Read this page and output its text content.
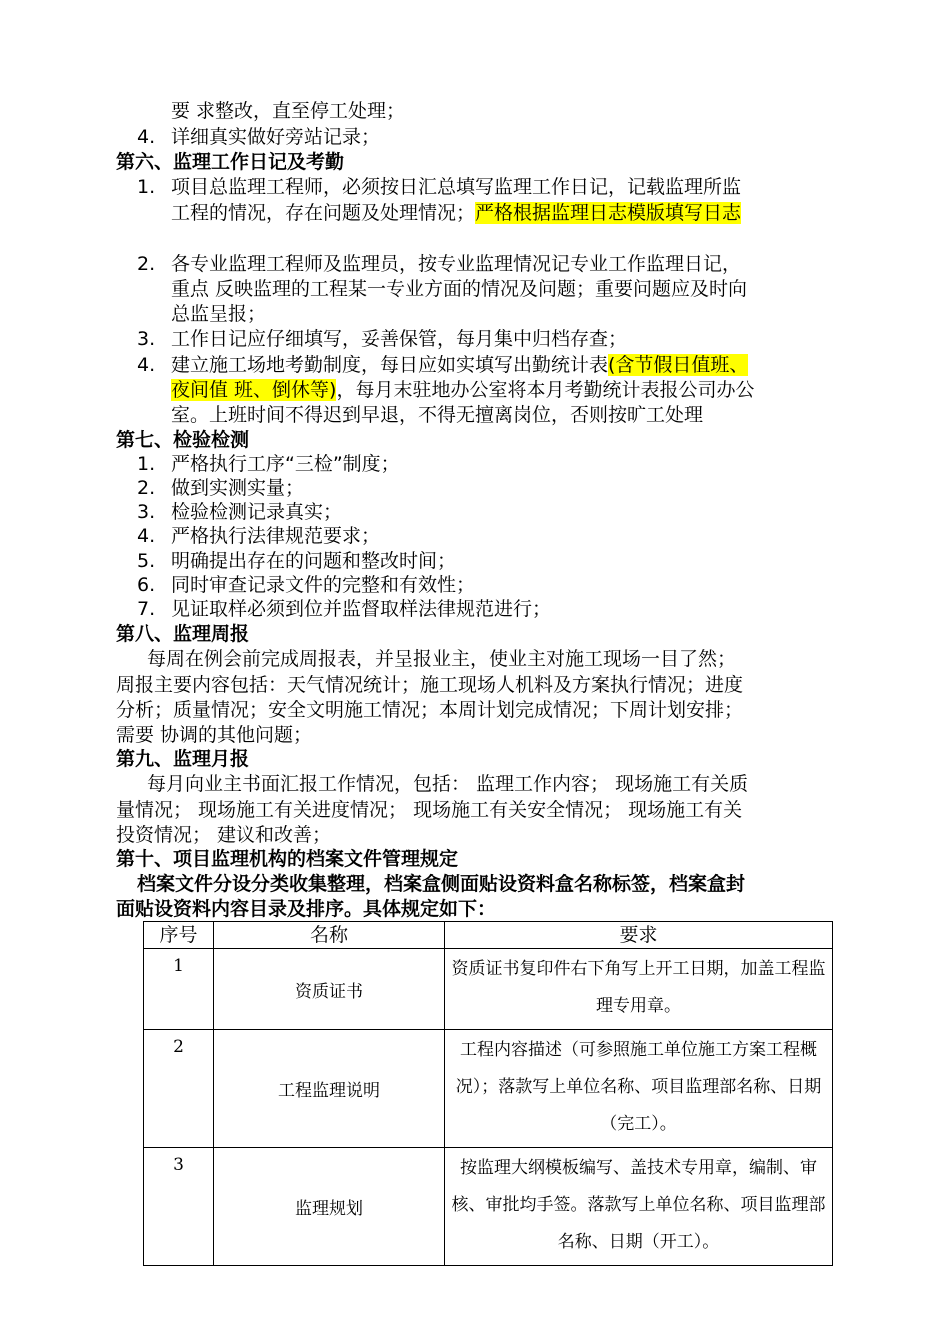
要 求整改，直至停工处理；
4. 详细真实做好旁站记录；
第六、监理工作日记及考勤
1. 项目总监理工程师，必须按日汇总填写监理工作日记，记载监理所监
工程的情况，存在问题及处理情况；严格根据监理日志模版填写日志
2. 各专业监理工程师及监理员，按专业监理情况记专业工作监理日记，
重点 反映监理的工程某一专业方面的情况及问题；重要问题应及时向
总监呈报；
3. 工作日记应仔细填写，妥善保管，每月集中归档存查；
4. 建立施工场地考勤制度，每日应如实填写出勤统计表(含节假日值班、
夜间值 班、倒休等)，每月末驻地办公室将本月考勤统计表报公司办公
室。上班时间不得迟到早退，不得无擅离岗位，否则按旷工处理
第七、检验检测
1. 严格执行工序“三检”制度；
2. 做到实测实量；
3. 检验检测记录真实；
4. 严格执行法律规范要求；
5. 明确提出存在的问题和整改时间；
6. 同时审查记录文件的完整和有效性；
7. 见证取样必须到位并监督取样法律规范进行；
第八、监理周报
每周在例会前完成周报表，并呈报业主，使业主对施工现场一目了然；
周报主要内容包括：天气情况统计；施工现场人机料及方案执行情况；进度
分析；质量情况；安全文明施工情况；本周计划完成情况；下周计划安排；
需要 协调的其他问题；
第九、监理月报
每月向业主书面汇报工作情况，包括： 监理工作内容； 现场施工有关质
量情况； 现场施工有关进度情况； 现场施工有关安全情况； 现场施工有关
投资情况； 建议和改善；
第十、项目监理机构的档案文件管理规定
档案文件分设分类收集整理，档案盒侧面贴设资料盒名称标签，档案盒封
面贴设资料内容目录及排序。具体规定如下：
序号	名称	要求
1	资质证书	资质证书复印件右下角写上开工日期，加盖工程监理专用章。
2	工程监理说明	工程内容描述（可参照施工单位施工方案工程概况）；落款写上单位名称、项目监理部名称、日期（完工）。
3	监理规划	按监理大纲模板编写、盖技术专用章，编制、审核、审批均手签。落款写上单位名称、项目监理部名称、日期（开工）。
